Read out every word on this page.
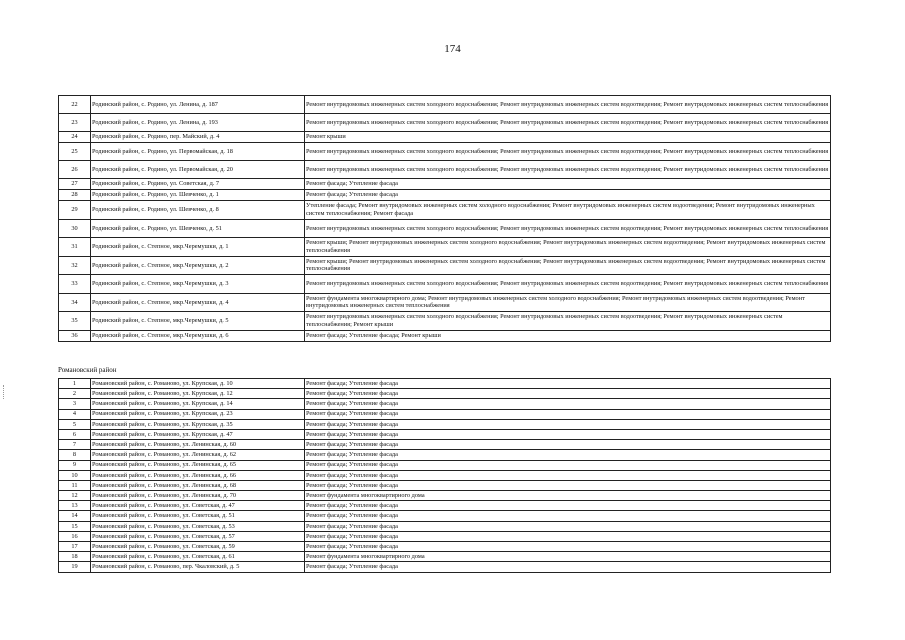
174
22	Родинский район, с. Родино, ул. Ленина, д. 187	Ремонт внутридомовых инженерных систем холодного водоснабжения; Ремонт внутридомовых инженерных систем водоотведения; Ремонт внутридомовых инженерных систем теплоснабжения
23	Родинский район, с. Родино, ул. Ленина, д. 193	Ремонт внутридомовых инженерных систем холодного водоснабжения; Ремонт внутридомовых инженерных систем водоотведения; Ремонт внутридомовых инженерных систем теплоснабжения
24	Родинский район, с. Родино, пер. Майский, д. 4	Ремонт крыши
25	Родинский район, с. Родино, ул. Первомайская, д. 18	Ремонт внутридомовых инженерных систем холодного водоснабжения; Ремонт внутридомовых инженерных систем водоотведения; Ремонт внутридомовых инженерных систем теплоснабжения
26	Родинский район, с. Родино, ул. Первомайская, д. 20	Ремонт внутридомовых инженерных систем холодного водоснабжения; Ремонт внутридомовых инженерных систем водоотведения; Ремонт внутридомовых инженерных систем теплоснабжения
27	Родинский район, с. Родино, ул. Советская, д. 7	Ремонт фасада; Утепление фасада
28	Родинский район, с. Родино, ул. Шевченко, д. 1	Ремонт фасада; Утепление фасада
29	Родинский район, с. Родино, ул. Шевченко, д. 8	Утепление фасада; Ремонт внутридомовых инженерных систем холодного водоснабжения; Ремонт внутридомовых инженерных систем водоотведения; Ремонт внутридомовых инженерных систем теплоснабжения; Ремонт фасада
30	Родинский район, с. Родино, ул. Шевченко, д. 51	Ремонт внутридомовых инженерных систем холодного водоснабжения; Ремонт внутридомовых инженерных систем водоотведения; Ремонт внутридомовых инженерных систем теплоснабжения
31	Родинский район, с. Степное, мкр.Черемушки, д. 1	Ремонт крыши; Ремонт внутридомовых инженерных систем холодного водоснабжения; Ремонт внутридомовых инженерных систем водоотведения; Ремонт внутридомовых инженерных систем теплоснабжения
32	Родинский район, с. Степное, мкр.Черемушки, д. 2	Ремонт крыши; Ремонт внутридомовых инженерных систем холодного водоснабжения; Ремонт внутридомовых инженерных систем водоотведения; Ремонт внутридомовых инженерных систем теплоснабжения
33	Родинский район, с. Степное, мкр.Черемушки, д. 3	Ремонт внутридомовых инженерных систем холодного водоснабжения; Ремонт внутридомовых инженерных систем водоотведения; Ремонт внутридомовых инженерных систем теплоснабжения
34	Родинский район, с. Степное, мкр.Черемушки, д. 4	Ремонт фундамента многоквартирного дома; Ремонт внутридомовых инженерных систем холодного водоснабжения; Ремонт внутридомовых инженерных систем водоотведения; Ремонт внутридомовых инженерных систем теплоснабжения
35	Родинский район, с. Степное, мкр.Черемушки, д. 5	Ремонт внутридомовых инженерных систем холодного водоснабжения; Ремонт внутридомовых инженерных систем водоотведения; Ремонт внутридомовых инженерных систем теплоснабжения; Ремонт крыши
36	Родинский район, с. Степное, мкр.Черемушки, д. 6	Ремонт фасада; Утепление фасада; Ремонт крыши
Романовский район
1	Романовский район, с. Романово, ул. Крупская, д. 10	Ремонт фасада; Утепление фасада
2	Романовский район, с. Романово, ул. Крупская, д. 12	Ремонт фасада; Утепление фасада
3	Романовский район, с. Романово, ул. Крупская, д. 14	Ремонт фасада; Утепление фасада
4	Романовский район, с. Романово, ул. Крупская, д. 23	Ремонт фасада; Утепление фасада
5	Романовский район, с. Романово, ул. Крупская, д. 35	Ремонт фасада; Утепление фасада
6	Романовский район, с. Романово, ул. Крупская, д. 47	Ремонт фасада; Утепление фасада
7	Романовский район, с. Романово, ул. Ленинская, д. 60	Ремонт фасада; Утепление фасада
8	Романовский район, с. Романово, ул. Ленинская, д. 62	Ремонт фасада; Утепление фасада
9	Романовский район, с. Романово, ул. Ленинская, д. 65	Ремонт фасада; Утепление фасада
10	Романовский район, с. Романово, ул. Ленинская, д. 66	Ремонт фасада; Утепление фасада
11	Романовский район, с. Романово, ул. Ленинская, д. 68	Ремонт фасада; Утепление фасада
12	Романовский район, с. Романово, ул. Ленинская, д. 70	Ремонт фундамента многоквартирного дома
13	Романовский район, с. Романово, ул. Советская, д. 47	Ремонт фасада; Утепление фасада
14	Романовский район, с. Романово, ул. Советская, д. 51	Ремонт фасада; Утепление фасада
15	Романовский район, с. Романово, ул. Советская, д. 53	Ремонт фасада; Утепление фасада
16	Романовский район, с. Романово, ул. Советская, д. 57	Ремонт фасада; Утепление фасада
17	Романовский район, с. Романово, ул. Советская, д. 59	Ремонт фасада; Утепление фасада
18	Романовский район, с. Романово, ул. Советская, д. 61	Ремонт фундамента многоквартирного дома
19	Романовский район, с. Романово, пер. Чкаловский, д. 5	Ремонт фасада; Утепление фасада
